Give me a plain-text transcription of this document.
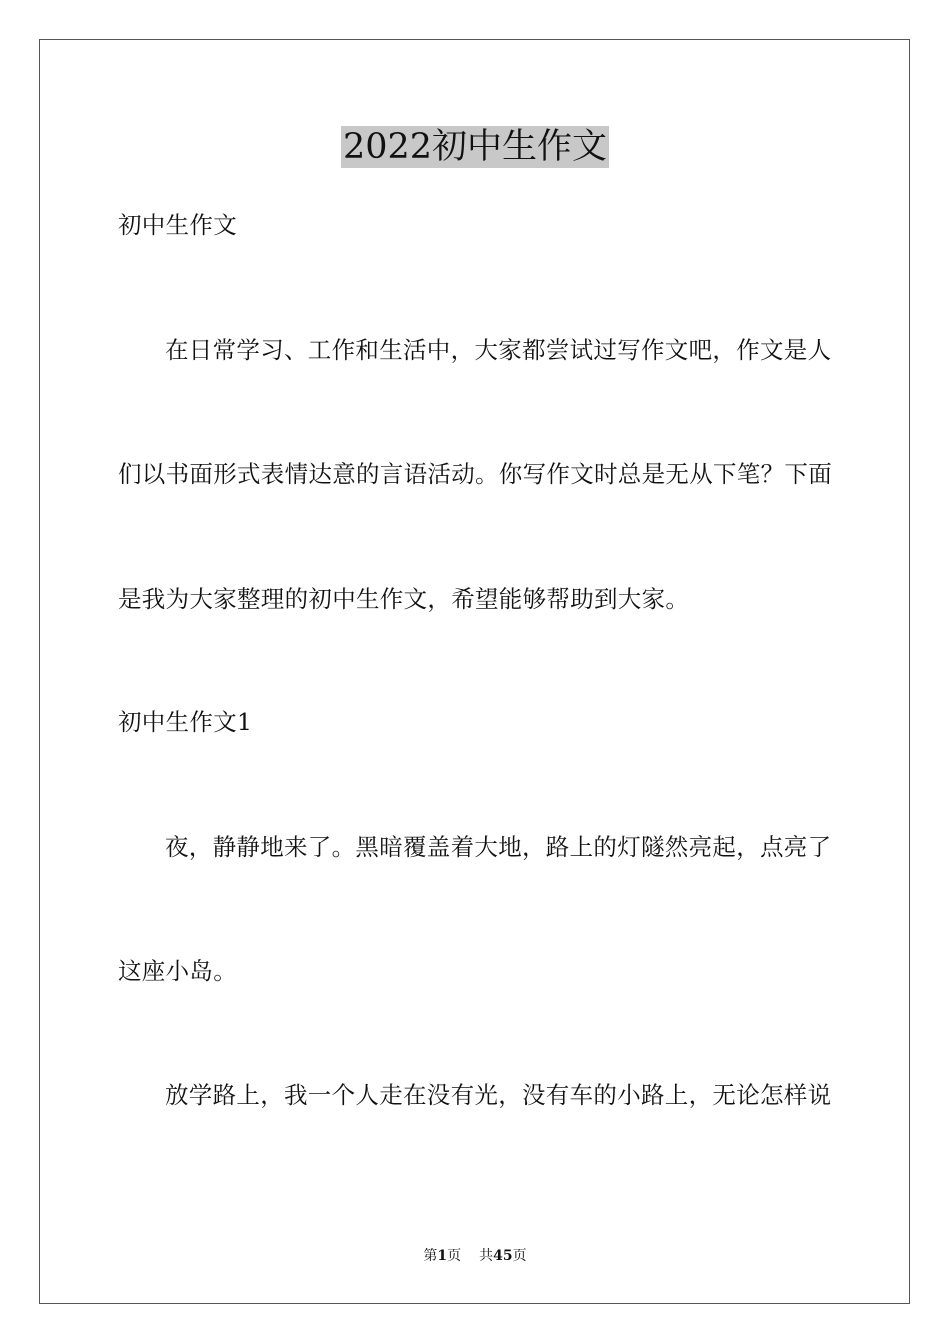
2022初中生作文
初中生作文
在日常学习、工作和生活中，大家都尝试过写作文吧，作文是人
们以书面形式表情达意的言语活动。你写作文时总是无从下笔？下面
是我为大家整理的初中生作文，希望能够帮助到大家。
初中生作文1
夜，静静地来了。黑暗覆盖着大地，路上的灯隧然亮起，点亮了
这座小岛。
放学路上，我一个人走在没有光，没有车的小路上，无论怎样说
第1页 共45页
